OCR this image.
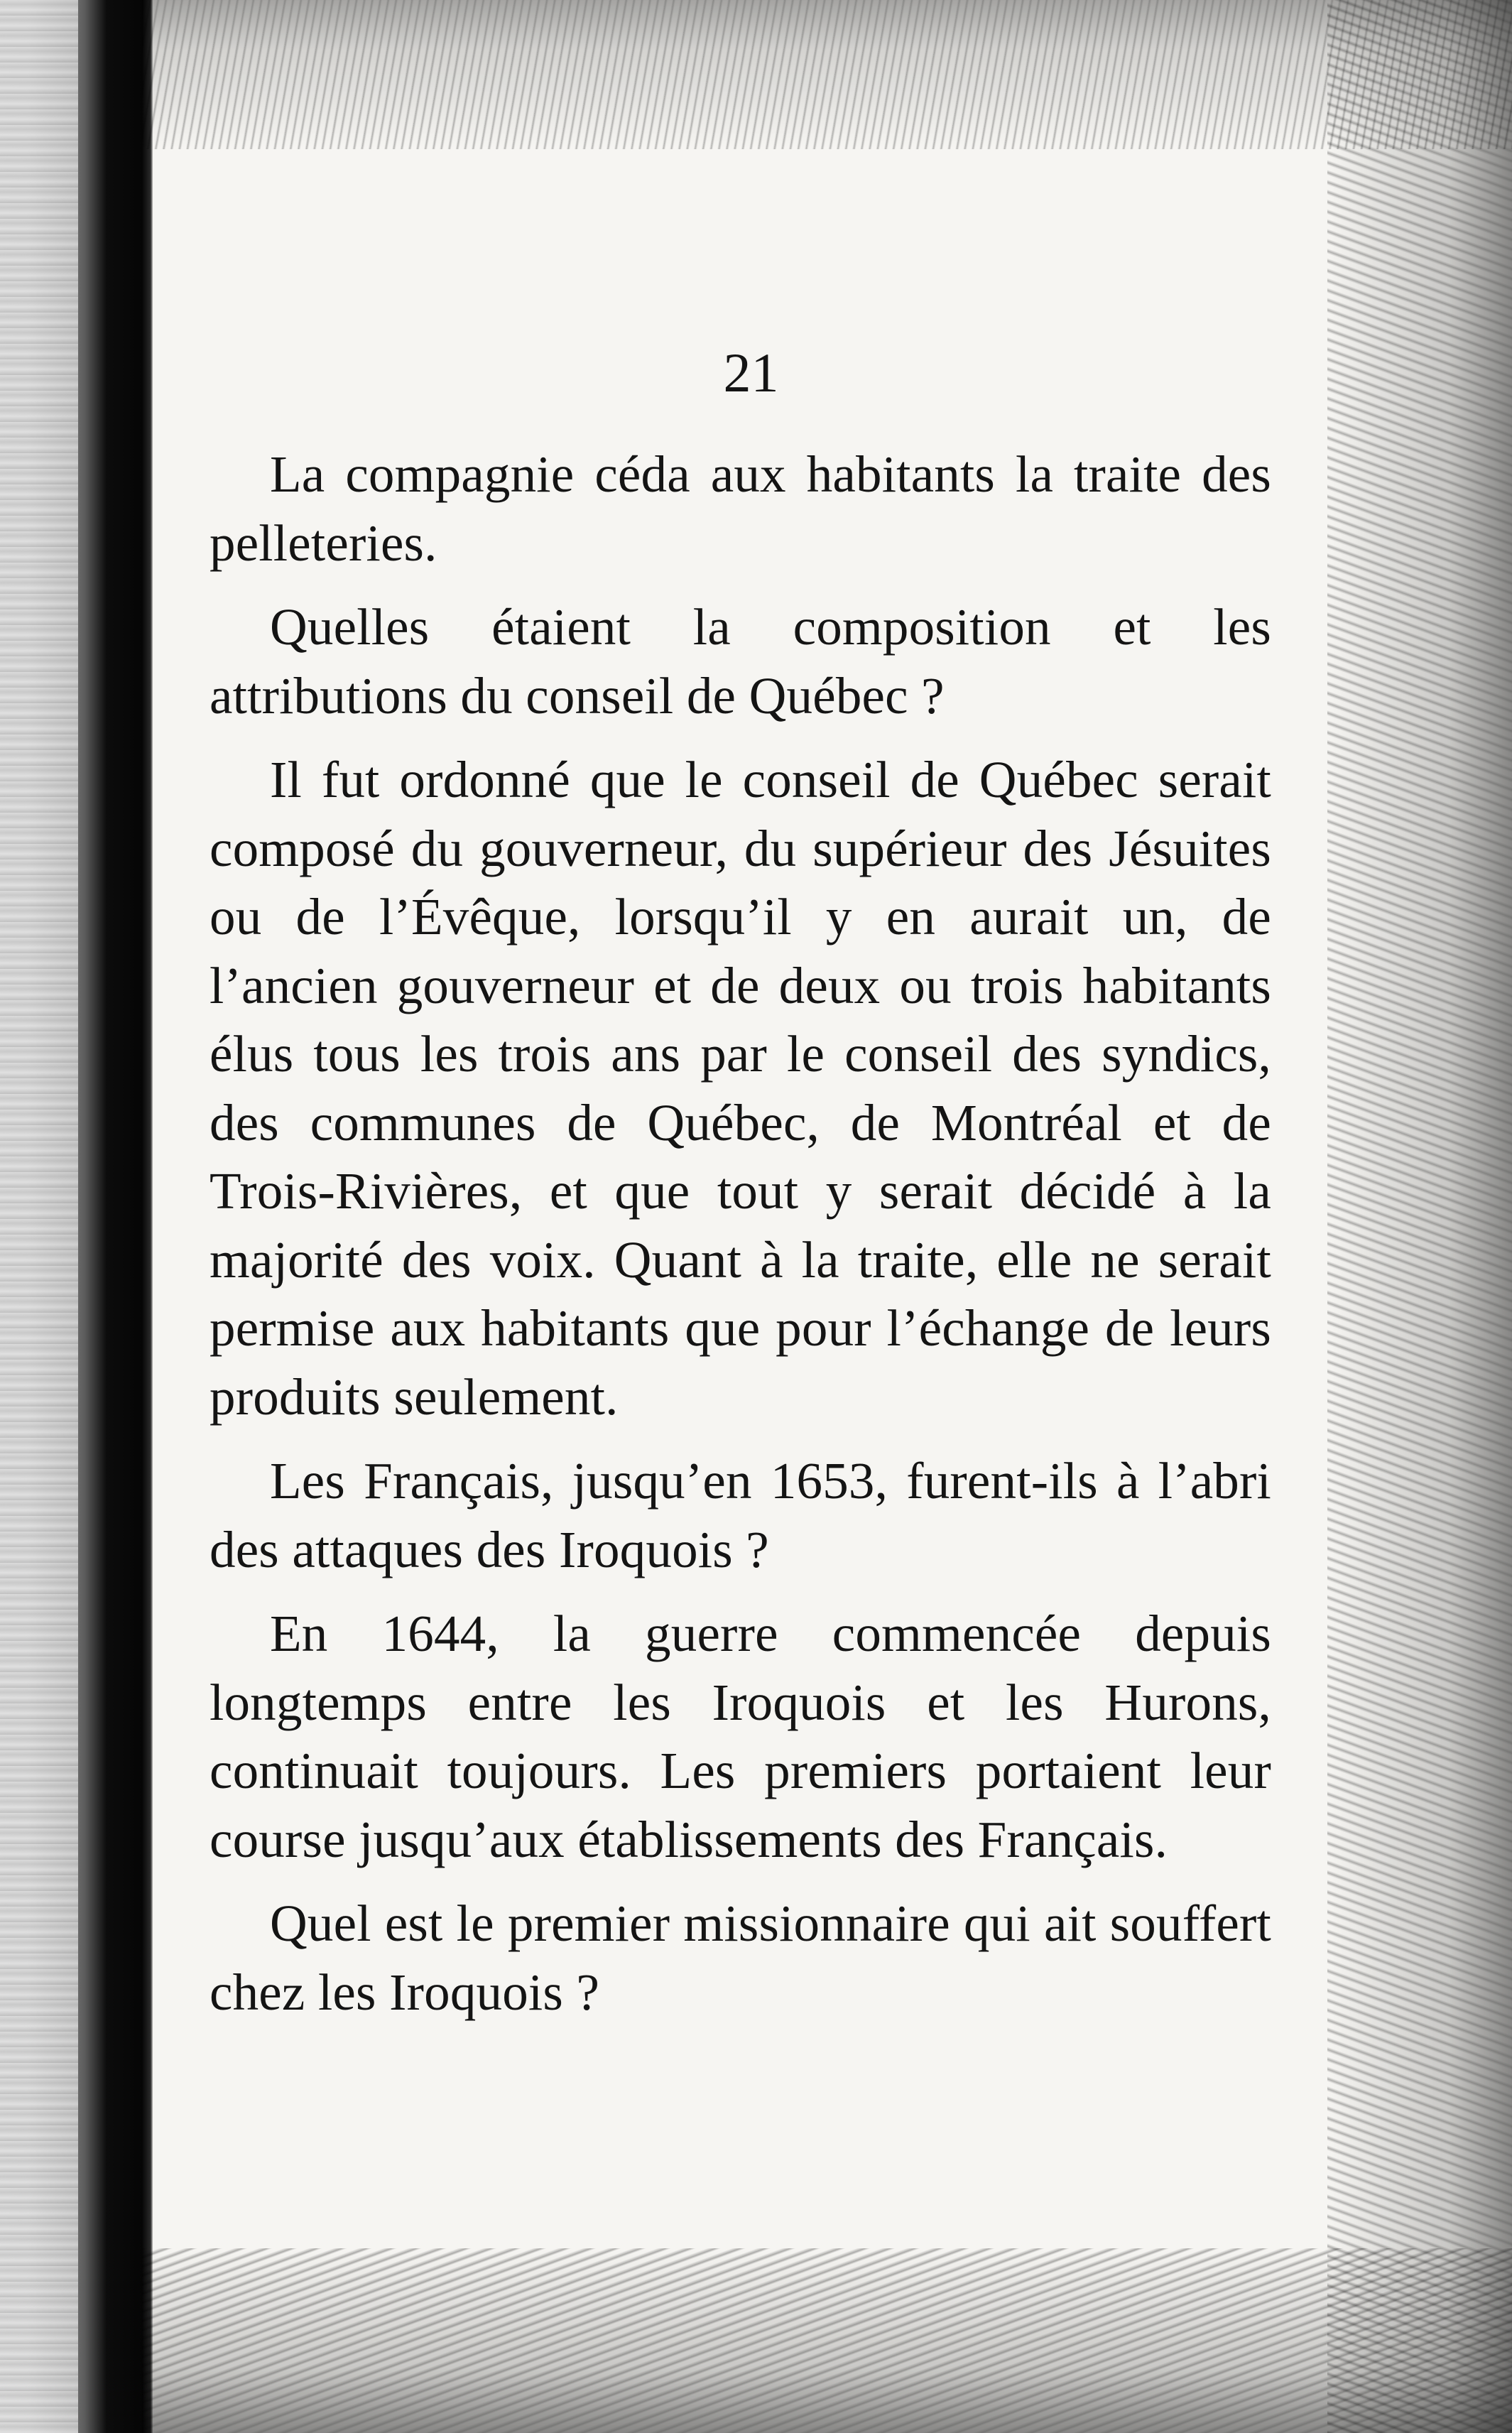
21

La compagnie céda aux habitants la traite des pelleteries.

Quelles étaient la composition et les attributions du conseil de Québec ?

Il fut ordonné que le conseil de Québec serait composé du gouverneur, du supérieur des Jésuites ou de l’Évêque, lorsqu’il y en aurait un, de l’ancien gouverneur et de deux ou trois habitants élus tous les trois ans par le conseil des syndics, des communes de Québec, de Montréal et de Trois-Rivières, et que tout y serait décidé à la majorité des voix. Quant à la traite, elle ne serait permise aux habitants que pour l’échange de leurs produits seulement.

Les Français, jusqu’en 1653, furent-ils à l’abri des attaques des Iroquois ?

En 1644, la guerre commencée depuis longtemps entre les Iroquois et les Hurons, continuait toujours. Les premiers portaient leur course jusqu’aux établissements des Français.

Quel est le premier missionnaire qui ait souffert chez les Iroquois ?
